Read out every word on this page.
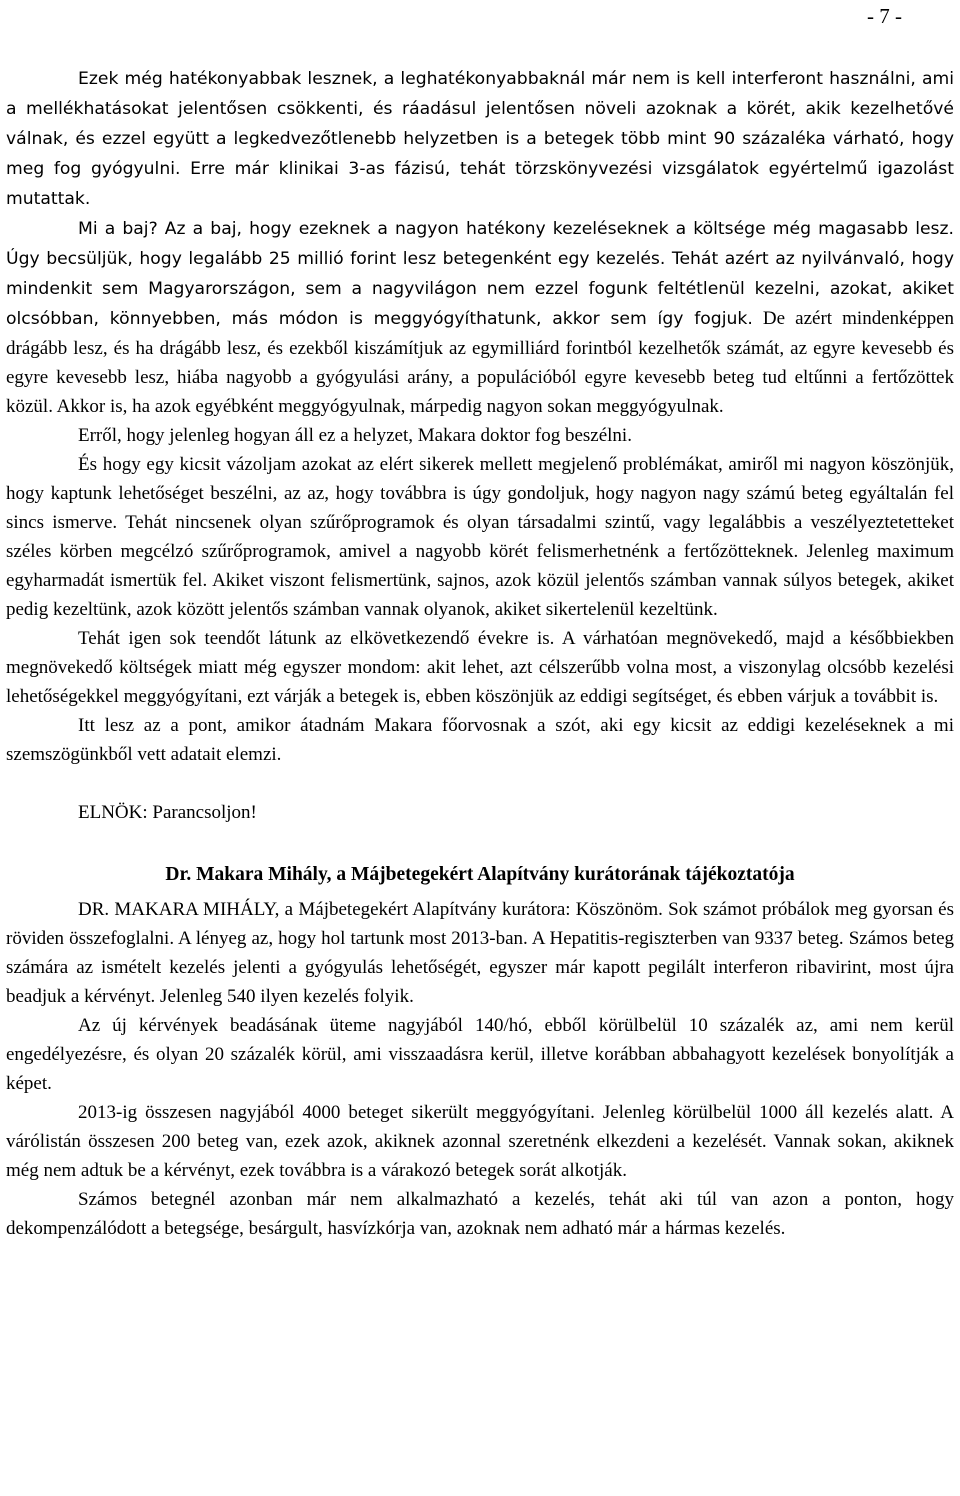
- 7 -

Ezek még hatékonyabbak lesznek, a leghatékonyabbaknál már nem is kell interferont használni, ami a mellékhatásokat jelentősen csökkenti, és ráadásul jelentősen növeli azoknak a körét, akik kezelhetővé válnak, és ezzel együtt a legkedvezőtlenebb helyzetben is a betegek több mint 90 százaléka várható, hogy meg fog gyógyulni. Erre már klinikai 3-as fázisú, tehát törzskönyvezési vizsgálatok egyértelmű igazolást mutattak.

Mi a baj? Az a baj, hogy ezeknek a nagyon hatékony kezeléseknek a költsége még magasabb lesz. Úgy becsüljük, hogy legalább 25 millió forint lesz betegenként egy kezelés. Tehát azért az nyilvánvaló, hogy mindenkit sem Magyarországon, sem a nagyvilágon nem ezzel fogunk feltétlenül kezelni, azokat, akiket olcsóbban, könnyebben, más módon is meggyógyíthatunk, akkor sem így fogjuk. De azért mindenképpen drágább lesz, és ha drágább lesz, és ezekből kiszámítjuk az egymilliárd forintból kezelhetők számát, az egyre kevesebb és egyre kevesebb lesz, hiába nagyobb a gyógyulási arány, a populációból egyre kevesebb beteg tud eltűnni a fertőzöttek közül. Akkor is, ha azok egyébként meggyógyulnak, márpedig nagyon sokan meggyógyulnak.

Erről, hogy jelenleg hogyan áll ez a helyzet, Makara doktor fog beszélni.

És hogy egy kicsit vázoljam azokat az elért sikerek mellett megjelenő problémákat, amiről mi nagyon köszönjük, hogy kaptunk lehetőséget beszélni, az az, hogy továbbra is úgy gondoljuk, hogy nagyon nagy számú beteg egyáltalán fel sincs ismerve. Tehát nincsenek olyan szűrőprogramok és olyan társadalmi szintű, vagy legalábbis a veszélyeztetetteket széles körben megcélzó szűrőprogramok, amivel a nagyobb körét felismerhetnénk a fertőzötteknek. Jelenleg maximum egyharmadát ismertük fel. Akiket viszont felismertünk, sajnos, azok közül jelentős számban vannak súlyos betegek, akiket pedig kezeltünk, azok között jelentős számban vannak olyanok, akiket sikertelenül kezeltünk.

Tehát igen sok teendőt látunk az elkövetkezendő évekre is. A várhatóan megnövekedő, majd a későbbiekben megnövekedő költségek miatt még egyszer mondom: akit lehet, azt célszerűbb volna most, a viszonylag olcsóbb kezelési lehetőségekkel meggyógyítani, ezt várják a betegek is, ebben köszönjük az eddigi segítséget, és ebben várjuk a továbbit is.

Itt lesz az a pont, amikor átadnám Makara főorvosnak a szót, aki egy kicsit az eddigi kezeléseknek a mi szemszögünkből vett adatait elemzi.

ELNÖK: Parancsoljon!

Dr. Makara Mihály, a Májbetegekért Alapítvány kurátorának tájékoztatója

DR. MAKARA MIHÁLY, a Májbetegekért Alapítvány kurátora: Köszönöm. Sok számot próbálok meg gyorsan és röviden összefoglalni. A lényeg az, hogy hol tartunk most 2013-ban. A Hepatitis-regiszterben van 9337 beteg. Számos beteg számára az ismételt kezelés jelenti a gyógyulás lehetőségét, egyszer már kapott pegilált interferon ribavirint, most újra beadjuk a kérvényt. Jelenleg 540 ilyen kezelés folyik.

Az új kérvények beadásának üteme nagyjából 140/hó, ebből körülbelül 10 százalék az, ami nem kerül engedélyezésre, és olyan 20 százalék körül, ami visszaadásra kerül, illetve korábban abbahagyott kezelések bonyolítják a képet.

2013-ig összesen nagyjából 4000 beteget sikerült meggyógyítani. Jelenleg körülbelül 1000 áll kezelés alatt. A várólistán összesen 200 beteg van, ezek azok, akiknek azonnal szeretnénk elkezdeni a kezelését. Vannak sokan, akiknek még nem adtuk be a kérvényt, ezek továbbra is a várakozó betegek sorát alkotják.

Számos betegnél azonban már nem alkalmazható a kezelés, tehát aki túl van azon a ponton, hogy dekompenzálódott a betegsége, besárgult, hasvízkórja van, azoknak nem adható már a hármas kezelés.
